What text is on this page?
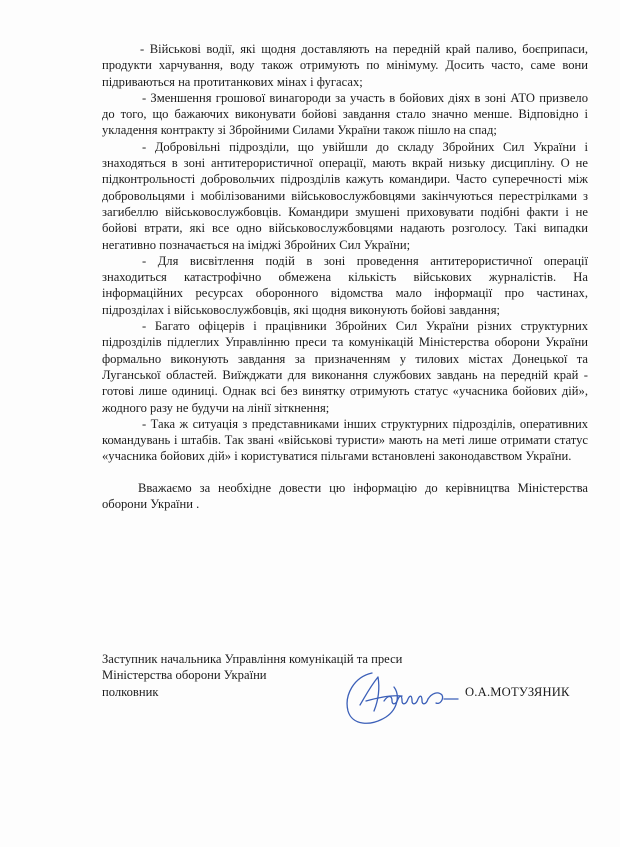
- Військові водії, які щодня доставляють на передній край паливо, боєприпаси, продукти харчування, воду також отримують по мінімуму. Досить часто, саме вони підриваються на протитанкових мінах і фугасах;

- Зменшення грошової винагороди за участь в бойових діях в зоні АТО призвело до того, що бажаючих виконувати бойові завдання стало значно менше. Відповідно і укладення контракту зі Збройними Силами України також пішло на спад;

- Добровільні підрозділи, що увійшли до складу Збройних Сил України і знаходяться в зоні антитерористичної операції, мають вкрай низьку дисципліну. О не підконтрольності добровольчих підрозділів кажуть командири. Часто суперечності між добровольцями і мобілізованими військовослужбовцями закінчуються перестрілками з загибеллю військовослужбовців. Командири змушені приховувати подібні факти і не бойові втрати, які все одно військовослужбовцями надають розголосу. Такі випадки негативно позначається на іміджі Збройних Сил України;

- Для висвітлення подій в зоні проведення антитерористичної операції знаходиться катастрофічно обмежена кількість військових журналістів. На інформаційних ресурсах оборонного відомства мало інформації про частинах, підрозділах і військовослужбовців, які щодня виконують бойові завдання;

- Багато офіцерів і працівники Збройних Сил України різних структурних підрозділів підлеглих Управлінню преси та комунікацій Міністерства оборони України формально виконують завдання за призначенням у тилових містах Донецької та Луганської областей. Виїжджати для виконання службових завдань на передній край - готові лише одиниці. Однак всі без винятку отримують статус «учасника бойових дій», жодного разу не будучи на лінії зіткнення;

- Така ж ситуація з представниками інших структурних підрозділів, оперативних командувань і штабів. Так звані «військові туристи» мають на меті лише отримати статус «учасника бойових дій» і користуватися пільгами встановлені законодавством України.

Вважаємо за необхідне довести цю інформацію до керівництва Міністерства оборони України .

Заступник начальника Управління комунікацій та преси
Міністерства оборони України
полковник	О.А.МОТУЗЯНИК
